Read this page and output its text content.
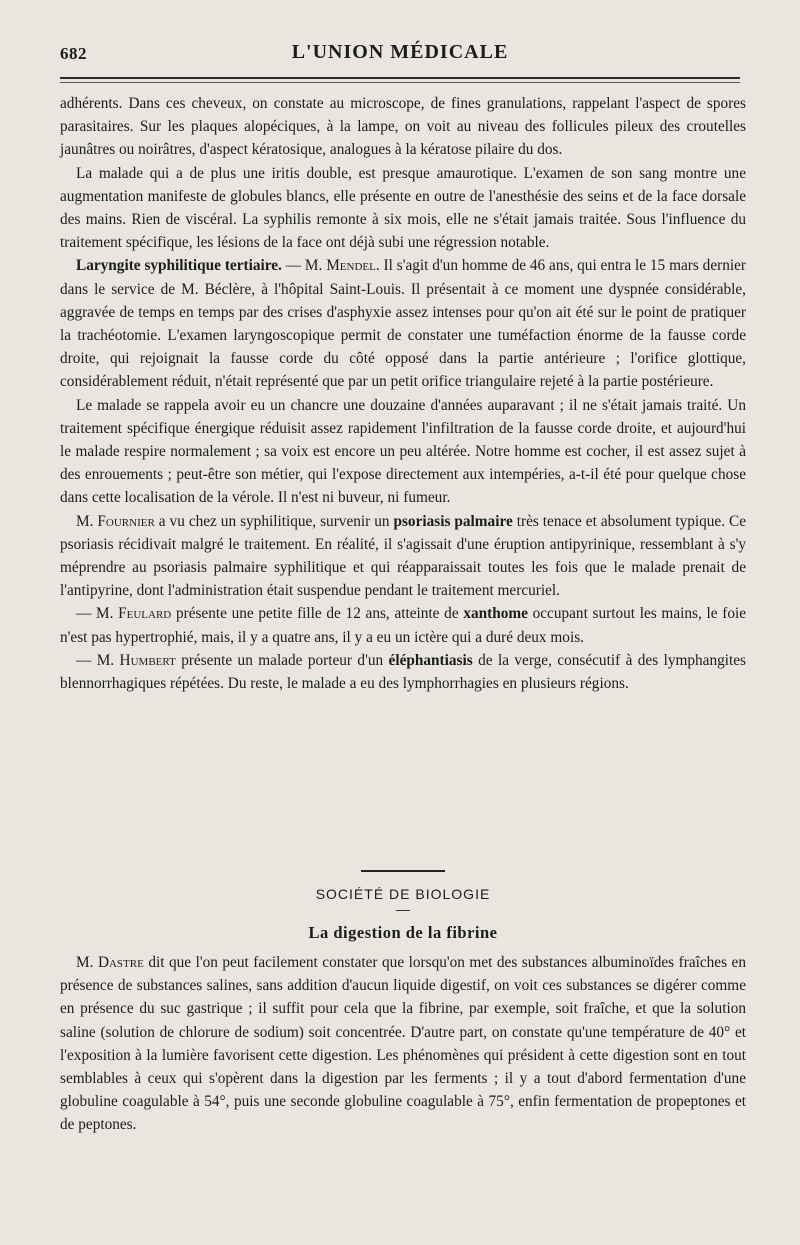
682	L'UNION MÉDICALE

adhérents. Dans ces cheveux, on constate au microscope, de fines granulations, rappelant l'aspect de spores parasitaires. Sur les plaques alopéciques, à la lampe, on voit au niveau des follicules pileux des croutelles jaunâtres ou noirâtres, d'aspect kératosique, analogues à la kératose pilaire du dos.

La malade qui a de plus une iritis double, est presque amaurotique. L'examen de son sang montre une augmentation manifeste de globules blancs, elle présente en outre de l'anesthésie des seins et de la face dorsale des mains. Rien de viscéral. La syphilis remonte à six mois, elle ne s'était jamais traitée. Sous l'influence du traitement spécifique, les lésions de la face ont déjà subi une régression notable.

Laryngite syphilitique tertiaire. — M. Mendel. Il s'agit d'un homme de 46 ans, qui entra le 15 mars dernier dans le service de M. Béclère, à l'hôpital Saint-Louis. Il présentait à ce moment une dyspnée considérable, aggravée de temps en temps par des crises d'asphyxie assez intenses pour qu'on ait été sur le point de pratiquer la trachéotomie. L'examen laryngoscopique permit de constater une tuméfaction énorme de la fausse corde droite, qui rejoignait la fausse corde du côté opposé dans la partie antérieure ; l'orifice glottique, considérablement réduit, n'était représenté que par un petit orifice triangulaire rejeté à la partie postérieure.

Le malade se rappela avoir eu un chancre une douzaine d'années auparavant ; il ne s'était jamais traité. Un traitement spécifique énergique réduisit assez rapidement l'infiltration de la fausse corde droite, et aujourd'hui le malade respire normalement ; sa voix est encore un peu altérée. Notre homme est cocher, il est assez sujet à des enrouements ; peut-être son métier, qui l'expose directement aux intempéries, a-t-il été pour quelque chose dans cette localisation de la vérole. Il n'est ni buveur, ni fumeur.

M. Fournier a vu chez un syphilitique, survenir un psoriasis palmaire très tenace et absolument typique. Ce psoriasis récidivait malgré le traitement. En réalité, il s'agissait d'une éruption antipyrinique, ressemblant à s'y méprendre au psoriasis palmaire syphilitique et qui réapparaissait toutes les fois que le malade prenait de l'antipyrine, dont l'administration était suspendue pendant le traitement mercuriel.

— M. Feulard présente une petite fille de 12 ans, atteinte de xanthome occupant surtout les mains, le foie n'est pas hypertrophié, mais, il y a quatre ans, il y a eu un ictère qui a duré deux mois.

— M. Humbert présente un malade porteur d'un éléphantiasis de la verge, consécutif à des lymphangites blennorrhagiques répétées. Du reste, le malade a eu des lymphorrhagies en plusieurs régions.

SOCIÉTÉ DE BIOLOGIE
La digestion de la fibrine

M. Dastre dit que l'on peut facilement constater que lorsqu'on met des substances albuminoïdes fraîches en présence de substances salines, sans addition d'aucun liquide digestif, on voit ces substances se digérer comme en présence du suc gastrique ; il suffit pour cela que la fibrine, par exemple, soit fraîche, et que la solution saline (solution de chlorure de sodium) soit concentrée. D'autre part, on constate qu'une température de 40° et l'exposition à la lumière favorisent cette digestion. Les phénomènes qui président à cette digestion sont en tout semblables à ceux qui s'opèrent dans la digestion par les ferments ; il y a tout d'abord fermentation d'une globuline coagulable à 54°, puis une seconde globuline coagulable à 75°, enfin fermentation de propeptones et de peptones.
